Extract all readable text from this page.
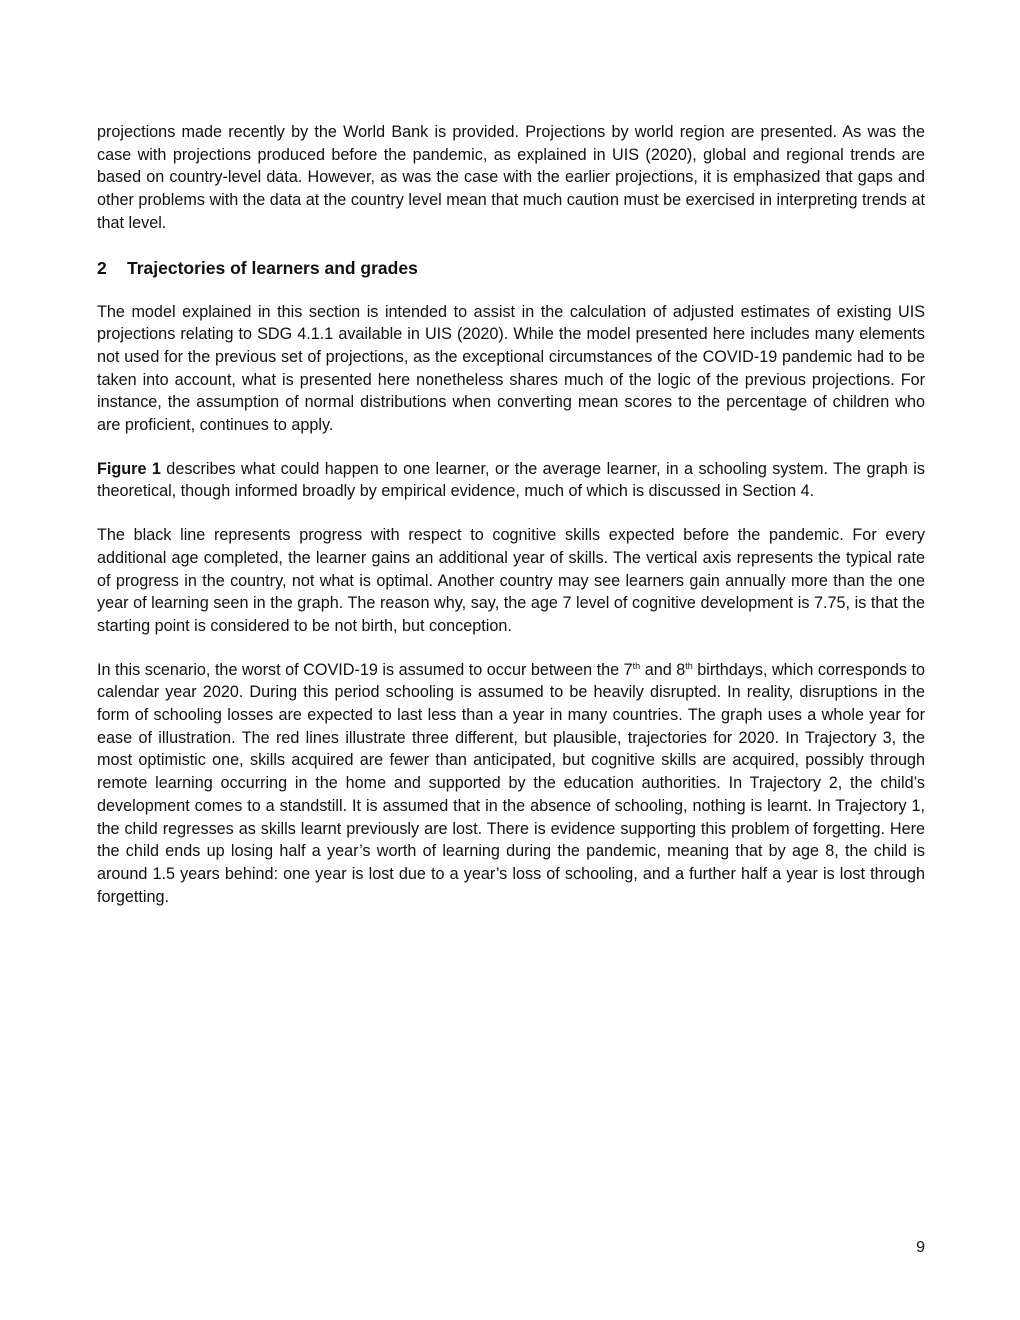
projections made recently by the World Bank is provided. Projections by world region are presented. As was the case with projections produced before the pandemic, as explained in UIS (2020), global and regional trends are based on country-level data. However, as was the case with the earlier projections, it is emphasized that gaps and other problems with the data at the country level mean that much caution must be exercised in interpreting trends at that level.

2 Trajectories of learners and grades

The model explained in this section is intended to assist in the calculation of adjusted estimates of existing UIS projections relating to SDG 4.1.1 available in UIS (2020). While the model presented here includes many elements not used for the previous set of projections, as the exceptional circumstances of the COVID-19 pandemic had to be taken into account, what is presented here nonetheless shares much of the logic of the previous projections. For instance, the assumption of normal distributions when converting mean scores to the percentage of children who are proficient, continues to apply.

Figure 1 describes what could happen to one learner, or the average learner, in a schooling system. The graph is theoretical, though informed broadly by empirical evidence, much of which is discussed in Section 4.

The black line represents progress with respect to cognitive skills expected before the pandemic. For every additional age completed, the learner gains an additional year of skills. The vertical axis represents the typical rate of progress in the country, not what is optimal. Another country may see learners gain annually more than the one year of learning seen in the graph. The reason why, say, the age 7 level of cognitive development is 7.75, is that the starting point is considered to be not birth, but conception.

In this scenario, the worst of COVID-19 is assumed to occur between the 7th and 8th birthdays, which corresponds to calendar year 2020. During this period schooling is assumed to be heavily disrupted. In reality, disruptions in the form of schooling losses are expected to last less than a year in many countries. The graph uses a whole year for ease of illustration. The red lines illustrate three different, but plausible, trajectories for 2020. In Trajectory 3, the most optimistic one, skills acquired are fewer than anticipated, but cognitive skills are acquired, possibly through remote learning occurring in the home and supported by the education authorities. In Trajectory 2, the child’s development comes to a standstill. It is assumed that in the absence of schooling, nothing is learnt. In Trajectory 1, the child regresses as skills learnt previously are lost. There is evidence supporting this problem of forgetting. Here the child ends up losing half a year’s worth of learning during the pandemic, meaning that by age 8, the child is around 1.5 years behind: one year is lost due to a year’s loss of schooling, and a further half a year is lost through forgetting.

9
